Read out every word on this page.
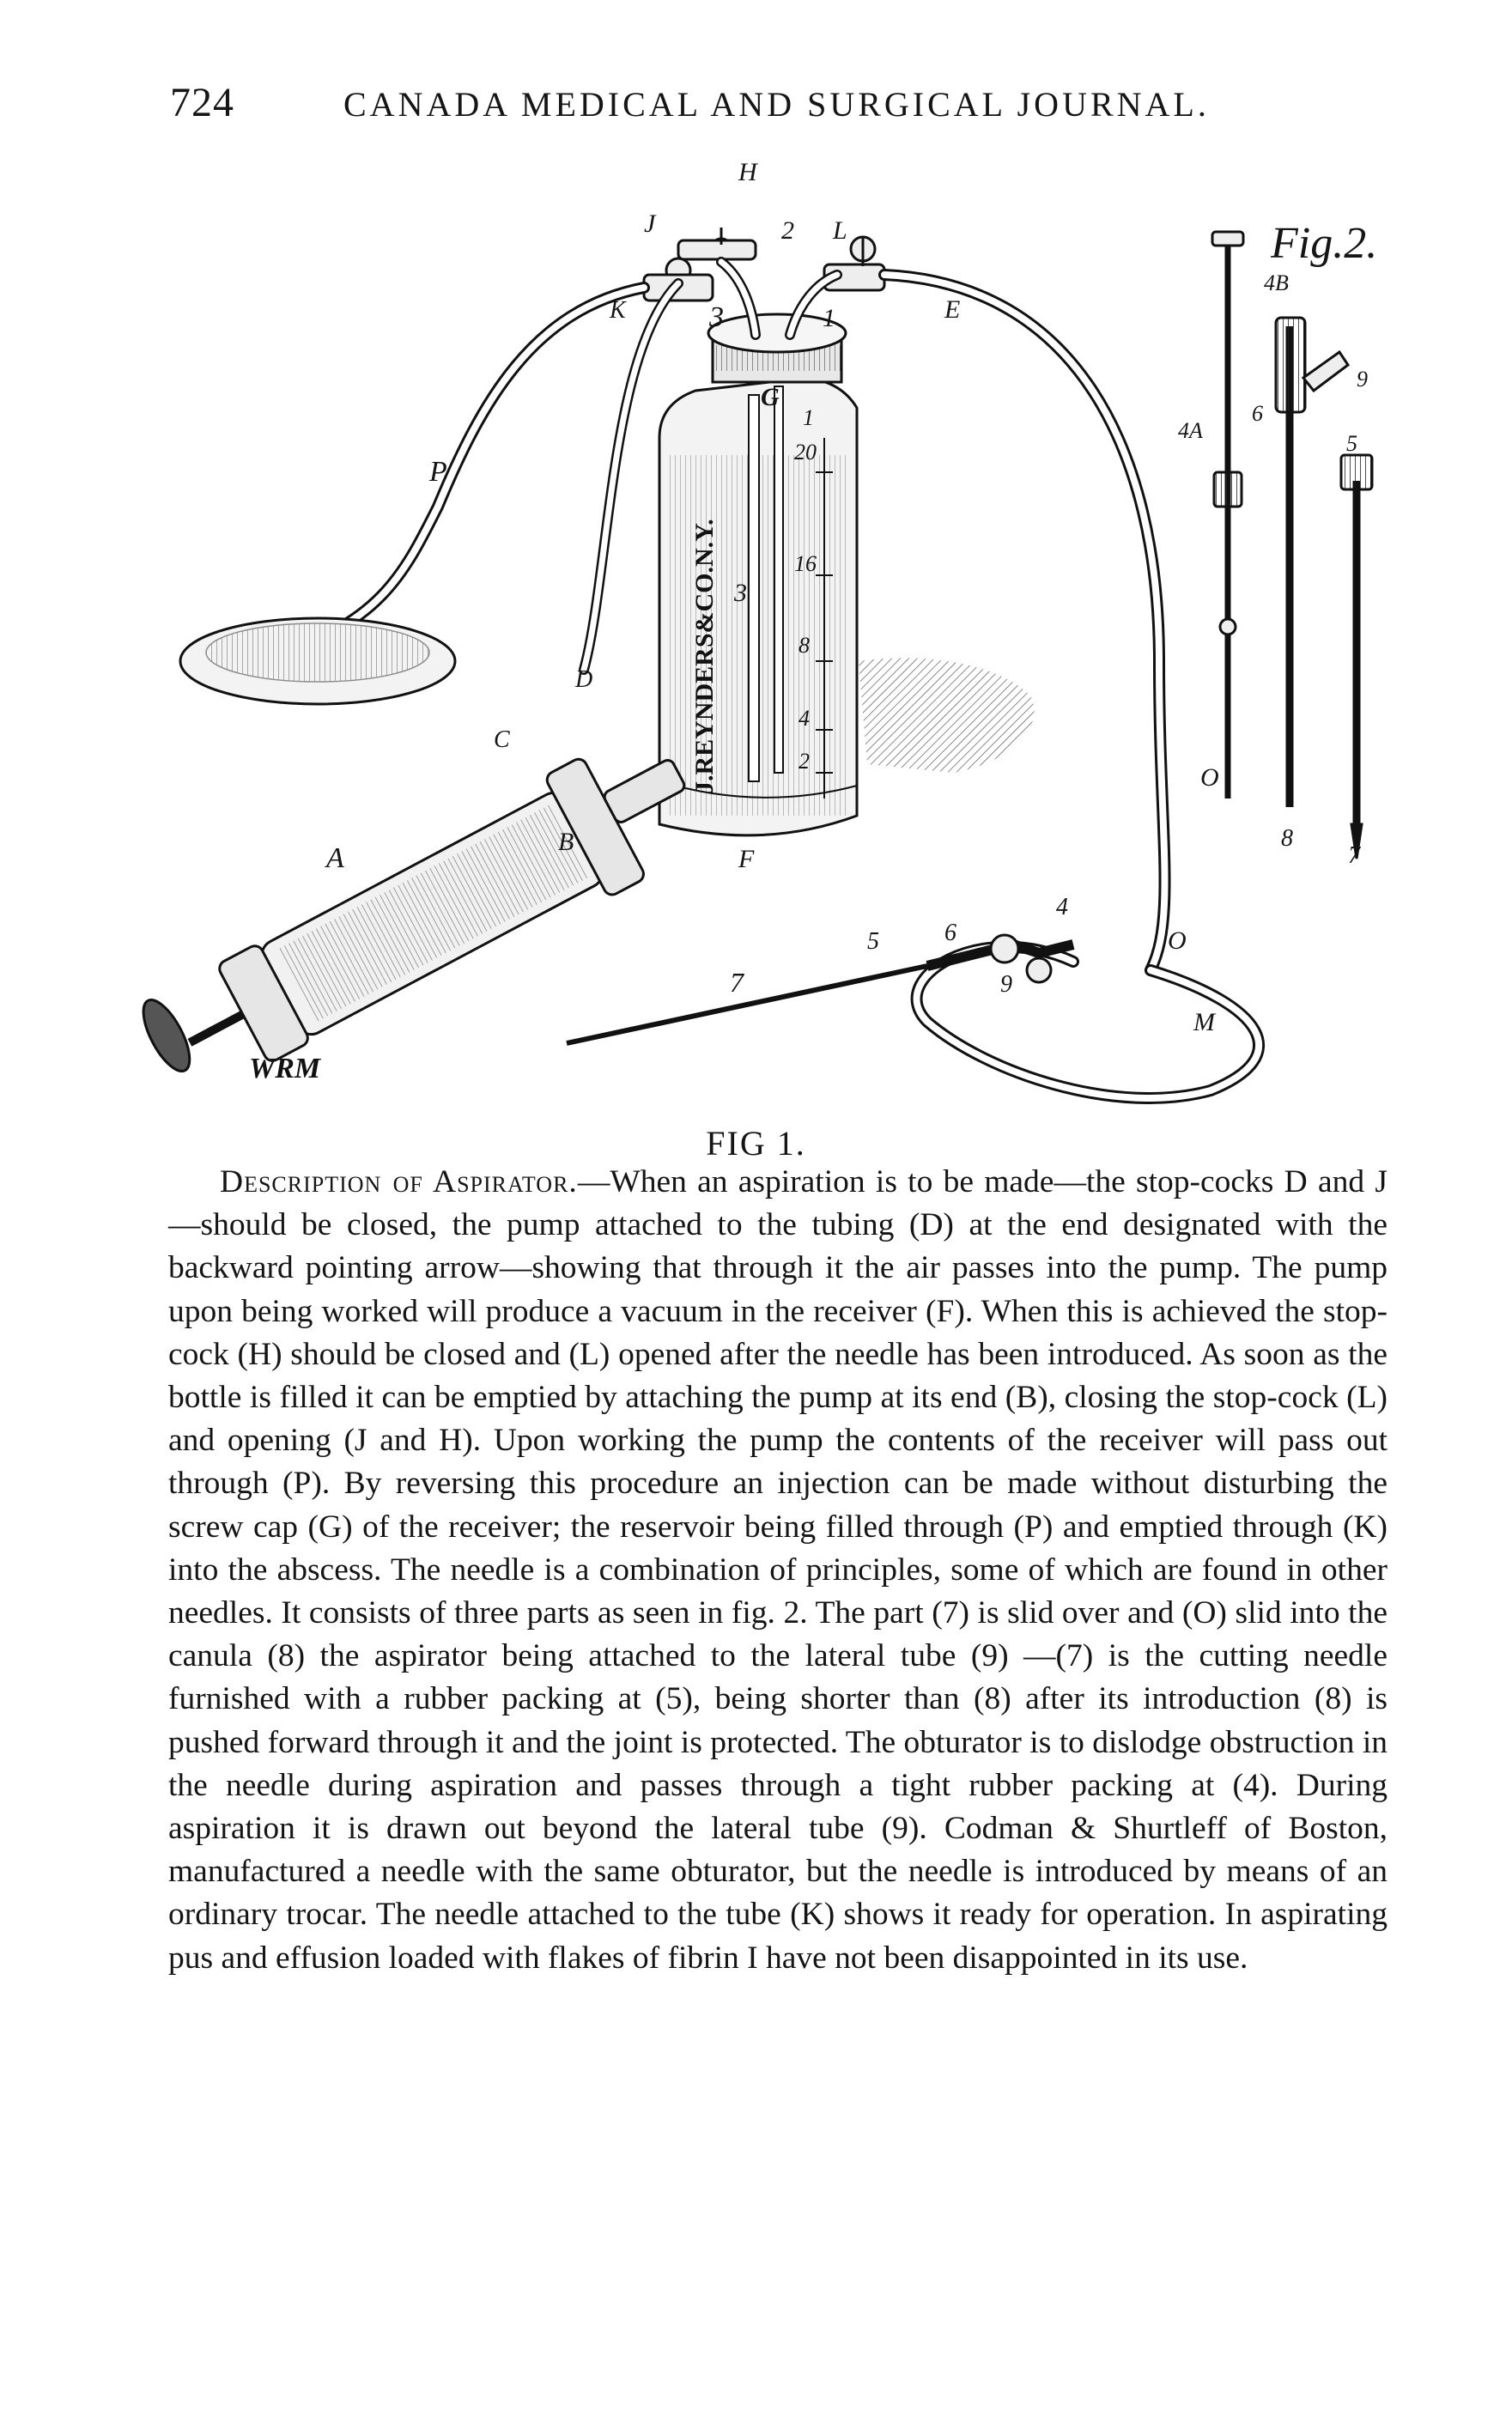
724	CANADA MEDICAL AND SURGICAL JOURNAL.
J.REYNDERS&CO.N.Y.
WRM
H
J	2 L
K	3	1	E
P
G
D
C
A
B
F
20
16
8
4
2
1
3
4
5	6
9
7
O
M
Fig.2.
4B
9
4A
6
5
O
8
7
FIG 1.

Description of Aspirator.—When an aspiration is to be made—the stop-cocks D and J—should be closed, the pump attached to the tubing (D) at the end designated with the backward pointing arrow—showing that through it the air passes into the pump. The pump upon being worked will produce a vacuum in the receiver (F). When this is achieved the stop-cock (H) should be closed and (L) opened after the needle has been introduced. As soon as the bottle is filled it can be emptied by attaching the pump at its end (B), closing the stop-cock (L) and opening (J and H). Upon working the pump the contents of the receiver will pass out through (P). By reversing this procedure an injection can be made without disturbing the screw cap (G) of the receiver; the reservoir being filled through (P) and emptied through (K) into the abscess. The needle is a combination of principles, some of which are found in other needles. It consists of three parts as seen in fig. 2. The part (7) is slid over and (O) slid into the canula (8) the aspirator being attached to the lateral tube (9) —(7) is the cutting needle furnished with a rubber packing at (5), being shorter than (8) after its introduction (8) is pushed forward through it and the joint is protected. The obturator is to dislodge obstruction in the needle during aspiration and passes through a tight rubber packing at (4). During aspiration it is drawn out beyond the lateral tube (9). Codman & Shurtleff of Boston, manufactured a needle with the same obturator, but the needle is introduced by means of an ordinary trocar. The needle attached to the tube (K) shows it ready for operation. In aspirating pus and effusion loaded with flakes of fibrin I have not been disappointed in its use.
